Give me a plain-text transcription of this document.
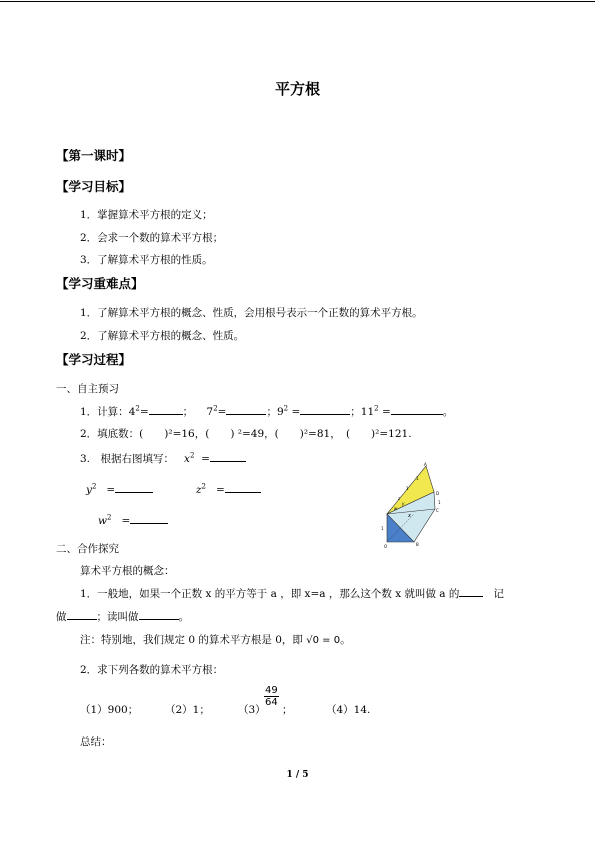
平方根
【第一课时】
【学习目标】
1．掌握算术平方根的定义；
2．会求一个数的算术平方根；
3．了解算术平方根的性质。
【学习重难点】
1．了解算术平方根的概念、性质，会用根号表示一个正数的算术平方根。
2．了解算术平方根的概念、性质。
【学习过程】
一、自主预习
1．计算：$4^2=$	； $7^2=$	；$9^2$ =	；$11^2$ =	。
2．填底数：(　　)²=16，(　　) ²=49，(　　)²=81，　(　　)²=121.
3.　根据右图填写： $x^2$ =
$y^2$ =	$z^2$ =
$w^2$ =
A
D
C
B
1
1
1
1
x
y
z
w
O
二、合作探究
算术平方根的概念：
1．一般地，如果一个正数 x 的平方等于 a ，即 x=a ，那么这个数 x 就叫做 a 的	记
做	；读叫做	。
注：特别地，我们规定 0 的算术平方根是 0，即 √0 = 0。
2．求下列各数的算术平方根：
（1）900；	（2）1；	（3）
$\frac{49}{64}$
；	（4）14.
总结：
1 / 5
